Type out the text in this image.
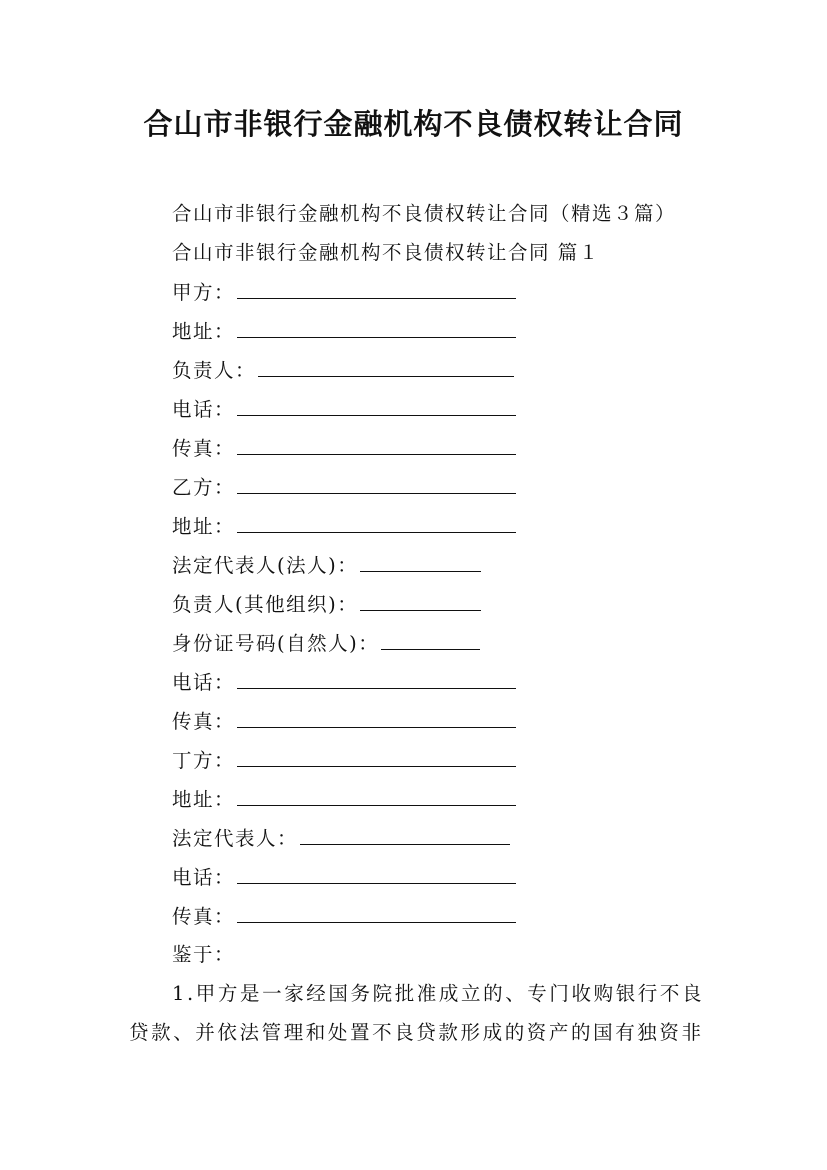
合山市非银行金融机构不良债权转让合同
合山市非银行金融机构不良债权转让合同（精选３篇）
合山市非银行金融机构不良债权转让合同 篇１
甲方：
地址：
负责人：
电话：
传真：
乙方：
地址：
法定代表人(法人)：
负责人(其他组织)：
身份证号码(自然人)：
电话：
传真：
丁方：
地址：
法定代表人：
电话：
传真：
鉴于：
1.甲方是一家经国务院批准成立的、专门收购银行不良
贷款、并依法管理和处置不良贷款形成的资产的国有独资非
